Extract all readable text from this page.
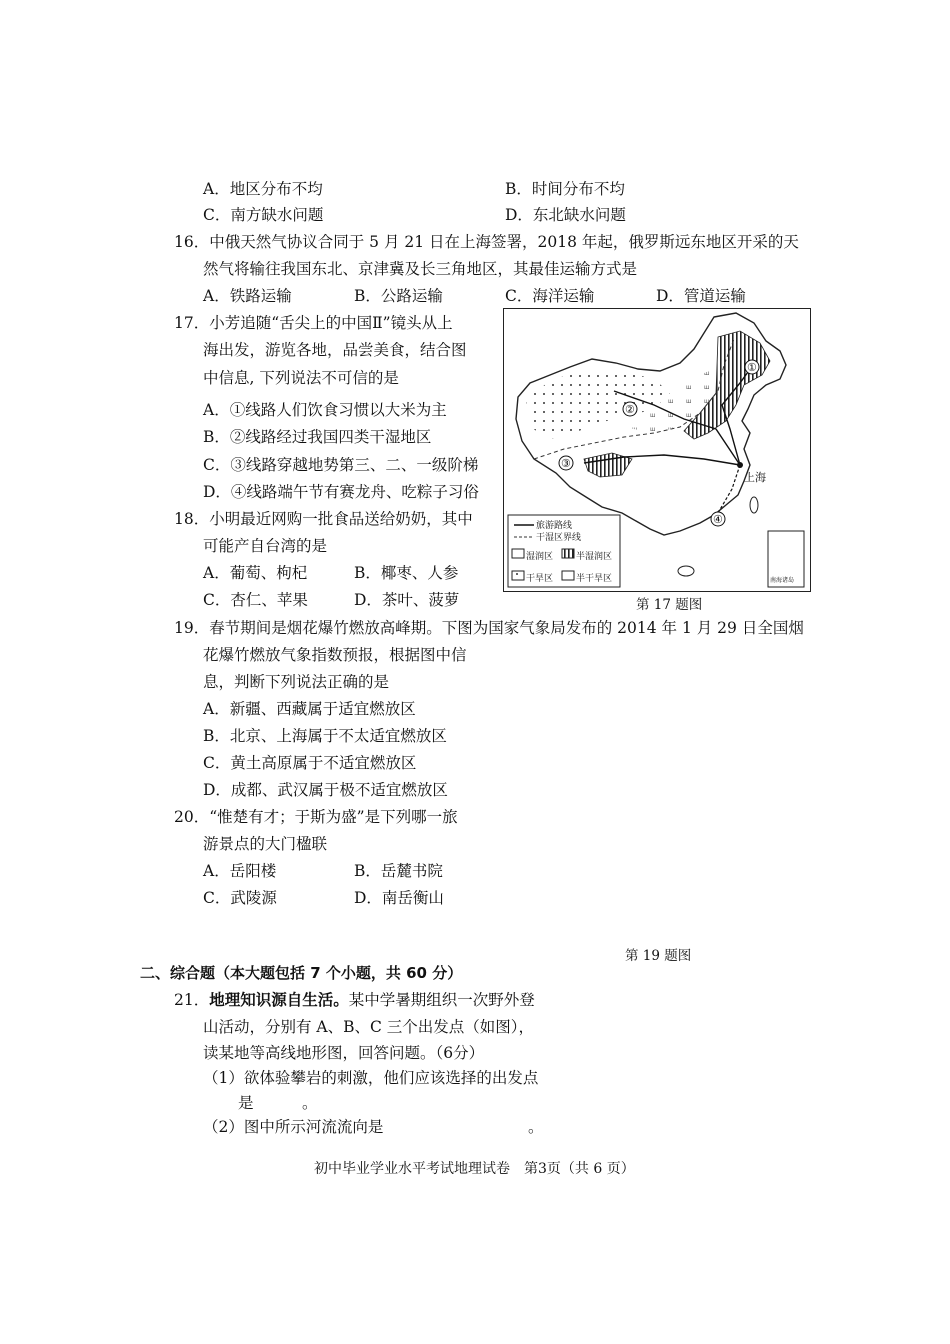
A．地区分布不均	B．时间分布不均
C．南方缺水问题	D．东北缺水问题
16．中俄天然气协议合同于 5 月 21 日在上海签署，2018 年起，俄罗斯远东地区开采的天
然气将输往我国东北、京津冀及长三角地区，其最佳运输方式是
A．铁路运输	B．公路运输	C．海洋运输	D．管道运输
17．小芳追随“舌尖上的中国Ⅱ”镜头从上
海出发，游览各地，品尝美食，结合图
中信息, 下列说法不可信的是
A．①线路人们饮食习惯以大米为主
B．②线路经过我国四类干湿地区
C．③线路穿越地势第三、二、一级阶梯
D．④线路端午节有赛龙舟、吃粽子习俗
①
②
③
④
上海
旅游路线
干湿区界线
湿润区	半湿润区
干旱区	半干旱区	南海诸岛
第 17 题图
18．小明最近网购一批食品送给奶奶，其中
可能产自台湾的是
A．葡萄、枸杞	B．椰枣、人参
C．杏仁、苹果	D．茶叶、菠萝
19．春节期间是烟花爆竹燃放高峰期。下图为国家气象局发布的 2014 年 1 月 29 日全国烟
花爆竹燃放气象指数预报，根据图中信
息，判断下列说法正确的是
A．新疆、西藏属于适宜燃放区
B．北京、上海属于不太适宜燃放区
C．黄土高原属于不适宜燃放区
D．成都、武汉属于极不适宜燃放区
20．“惟楚有才；于斯为盛”是下列哪一旅
游景点的大门楹联
A．岳阳楼	B．岳麓书院
C．武陵源	D．南岳衡山
第 19 题图
二、综合题（本大题包括 7 个小题，共 60 分）
21．地理知识源自生活。某中学暑期组织一次野外登
山活动，分别有 A、B、C 三个出发点（如图），
读某地等高线地形图，回答问题。（6分）
（1）欲体验攀岩的刺激，他们应该选择的出发点
是	。
（2）图中所示河流流向是	。
初中毕业学业水平考试地理试卷　第3页（共 6 页）
